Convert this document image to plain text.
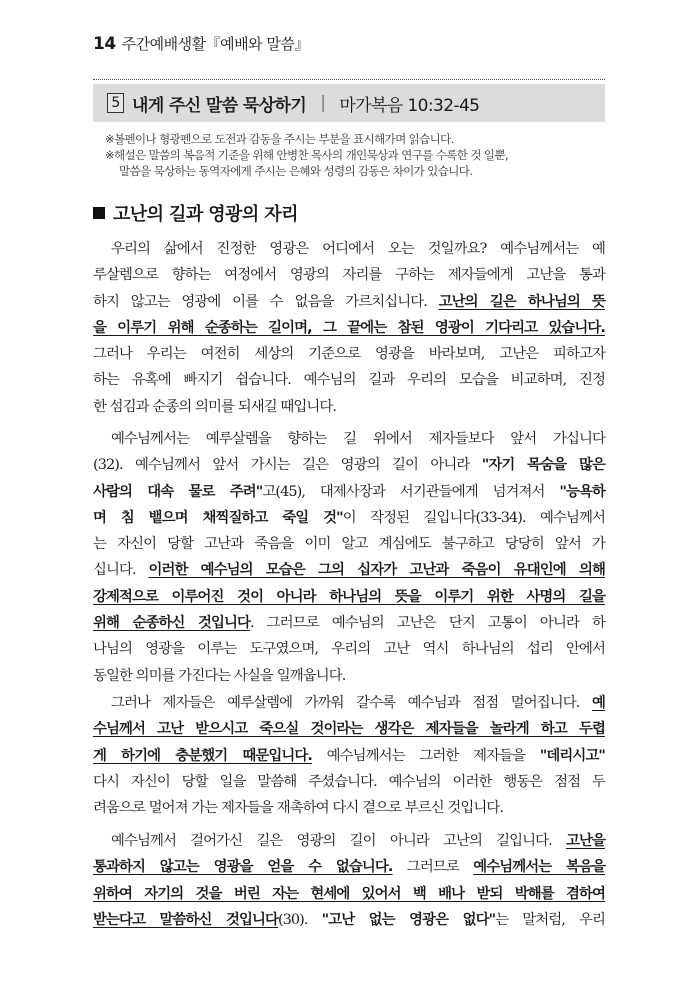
14 주간예배생활『예배와 말씀』
5 내게 주신 말씀 묵상하기 | 마가복음 10:32-45
※볼펜이나 형광펜으로 도전과 감동을 주시는 부분을 표시해가며 읽습니다.
※해설은 말씀의 복음적 기준을 위해 안병찬 목사의 개인묵상과 연구를 수록한 것 일뿐,
말씀을 묵상하는 동역자에게 주시는 은혜와 성령의 감동은 차이가 있습니다.
고난의 길과 영광의 자리
우리의 삶에서 진정한 영광은 어디에서 오는 것일까요? 예수님께서는 예
루살렘으로 향하는 여정에서 영광의 자리를 구하는 제자들에게 고난을 통과
하지 않고는 영광에 이를 수 없음을 가르치십니다. 고난의 길은 하나님의 뜻
을 이루기 위해 순종하는 길이며, 그 끝에는 참된 영광이 기다리고 있습니다.
그러나 우리는 여전히 세상의 기준으로 영광을 바라보며, 고난은 피하고자
하는 유혹에 빠지기 쉽습니다. 예수님의 길과 우리의 모습을 비교하며, 진정
한 섬김과 순종의 의미를 되새길 때입니다.
예수님께서는 예루살렘을 향하는 길 위에서 제자들보다 앞서 가십니다
(32). 예수님께서 앞서 가시는 길은 영광의 길이 아니라 "자기 목숨을 많은
사람의 대속 물로 주려"고(45), 대제사장과 서기관들에게 넘겨져서 "능욕하
며 침 뱉으며 채찍질하고 죽일 것"이 작정된 길입니다(33-34). 예수님께서
는 자신이 당할 고난과 죽음을 이미 알고 계심에도 불구하고 당당히 앞서 가
십니다. 이러한 예수님의 모습은 그의 십자가 고난과 죽음이 유대인에 의해
강제적으로 이루어진 것이 아니라 하나님의 뜻을 이루기 위한 사명의 길을
위해 순종하신 것입니다. 그러므로 예수님의 고난은 단지 고통이 아니라 하
나님의 영광을 이루는 도구였으며, 우리의 고난 역시 하나님의 섭리 안에서
동일한 의미를 가진다는 사실을 일깨웁니다.
그러나 제자들은 예루살렘에 가까워 갈수록 예수님과 점점 멀어집니다. 예
수님께서 고난 받으시고 죽으실 것이라는 생각은 제자들을 놀라게 하고 두렵
게 하기에 충분했기 때문입니다. 예수님께서는 그러한 제자들을 "데리시고"
다시 자신이 당할 일을 말씀해 주셨습니다. 예수님의 이러한 행동은 점점 두
려움으로 멀어져 가는 제자들을 재촉하여 다시 곁으로 부르신 것입니다.
예수님께서 걸어가신 길은 영광의 길이 아니라 고난의 길입니다. 고난을
통과하지 않고는 영광을 얻을 수 없습니다. 그러므로 예수님께서는 복음을
위하여 자기의 것을 버린 자는 현세에 있어서 백 배나 받되 박해를 겸하여
받는다고 말씀하신 것입니다(30). "고난 없는 영광은 없다"는 말처럼, 우리
